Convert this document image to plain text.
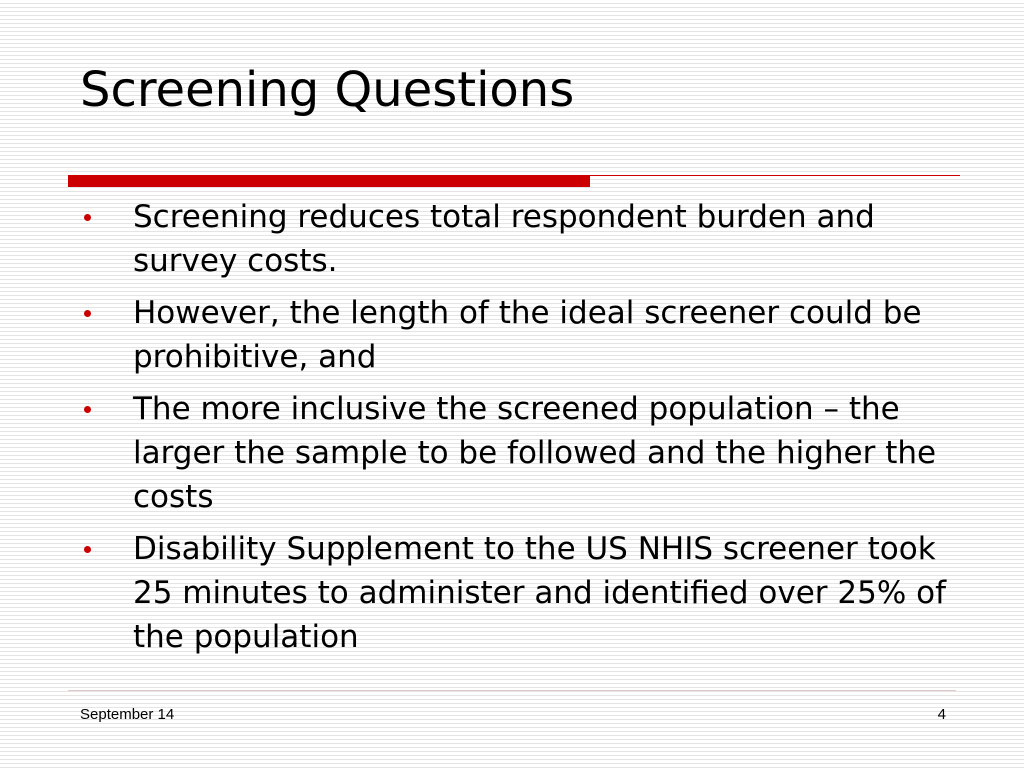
Screening Questions
Screening reduces total respondent burden and survey costs.
However, the length of the ideal screener could be prohibitive, and
The more inclusive the screened population – the larger the sample to be followed and the higher the costs
Disability Supplement to the US NHIS screener took 25 minutes to administer and identified over 25% of the population
September 14	4
